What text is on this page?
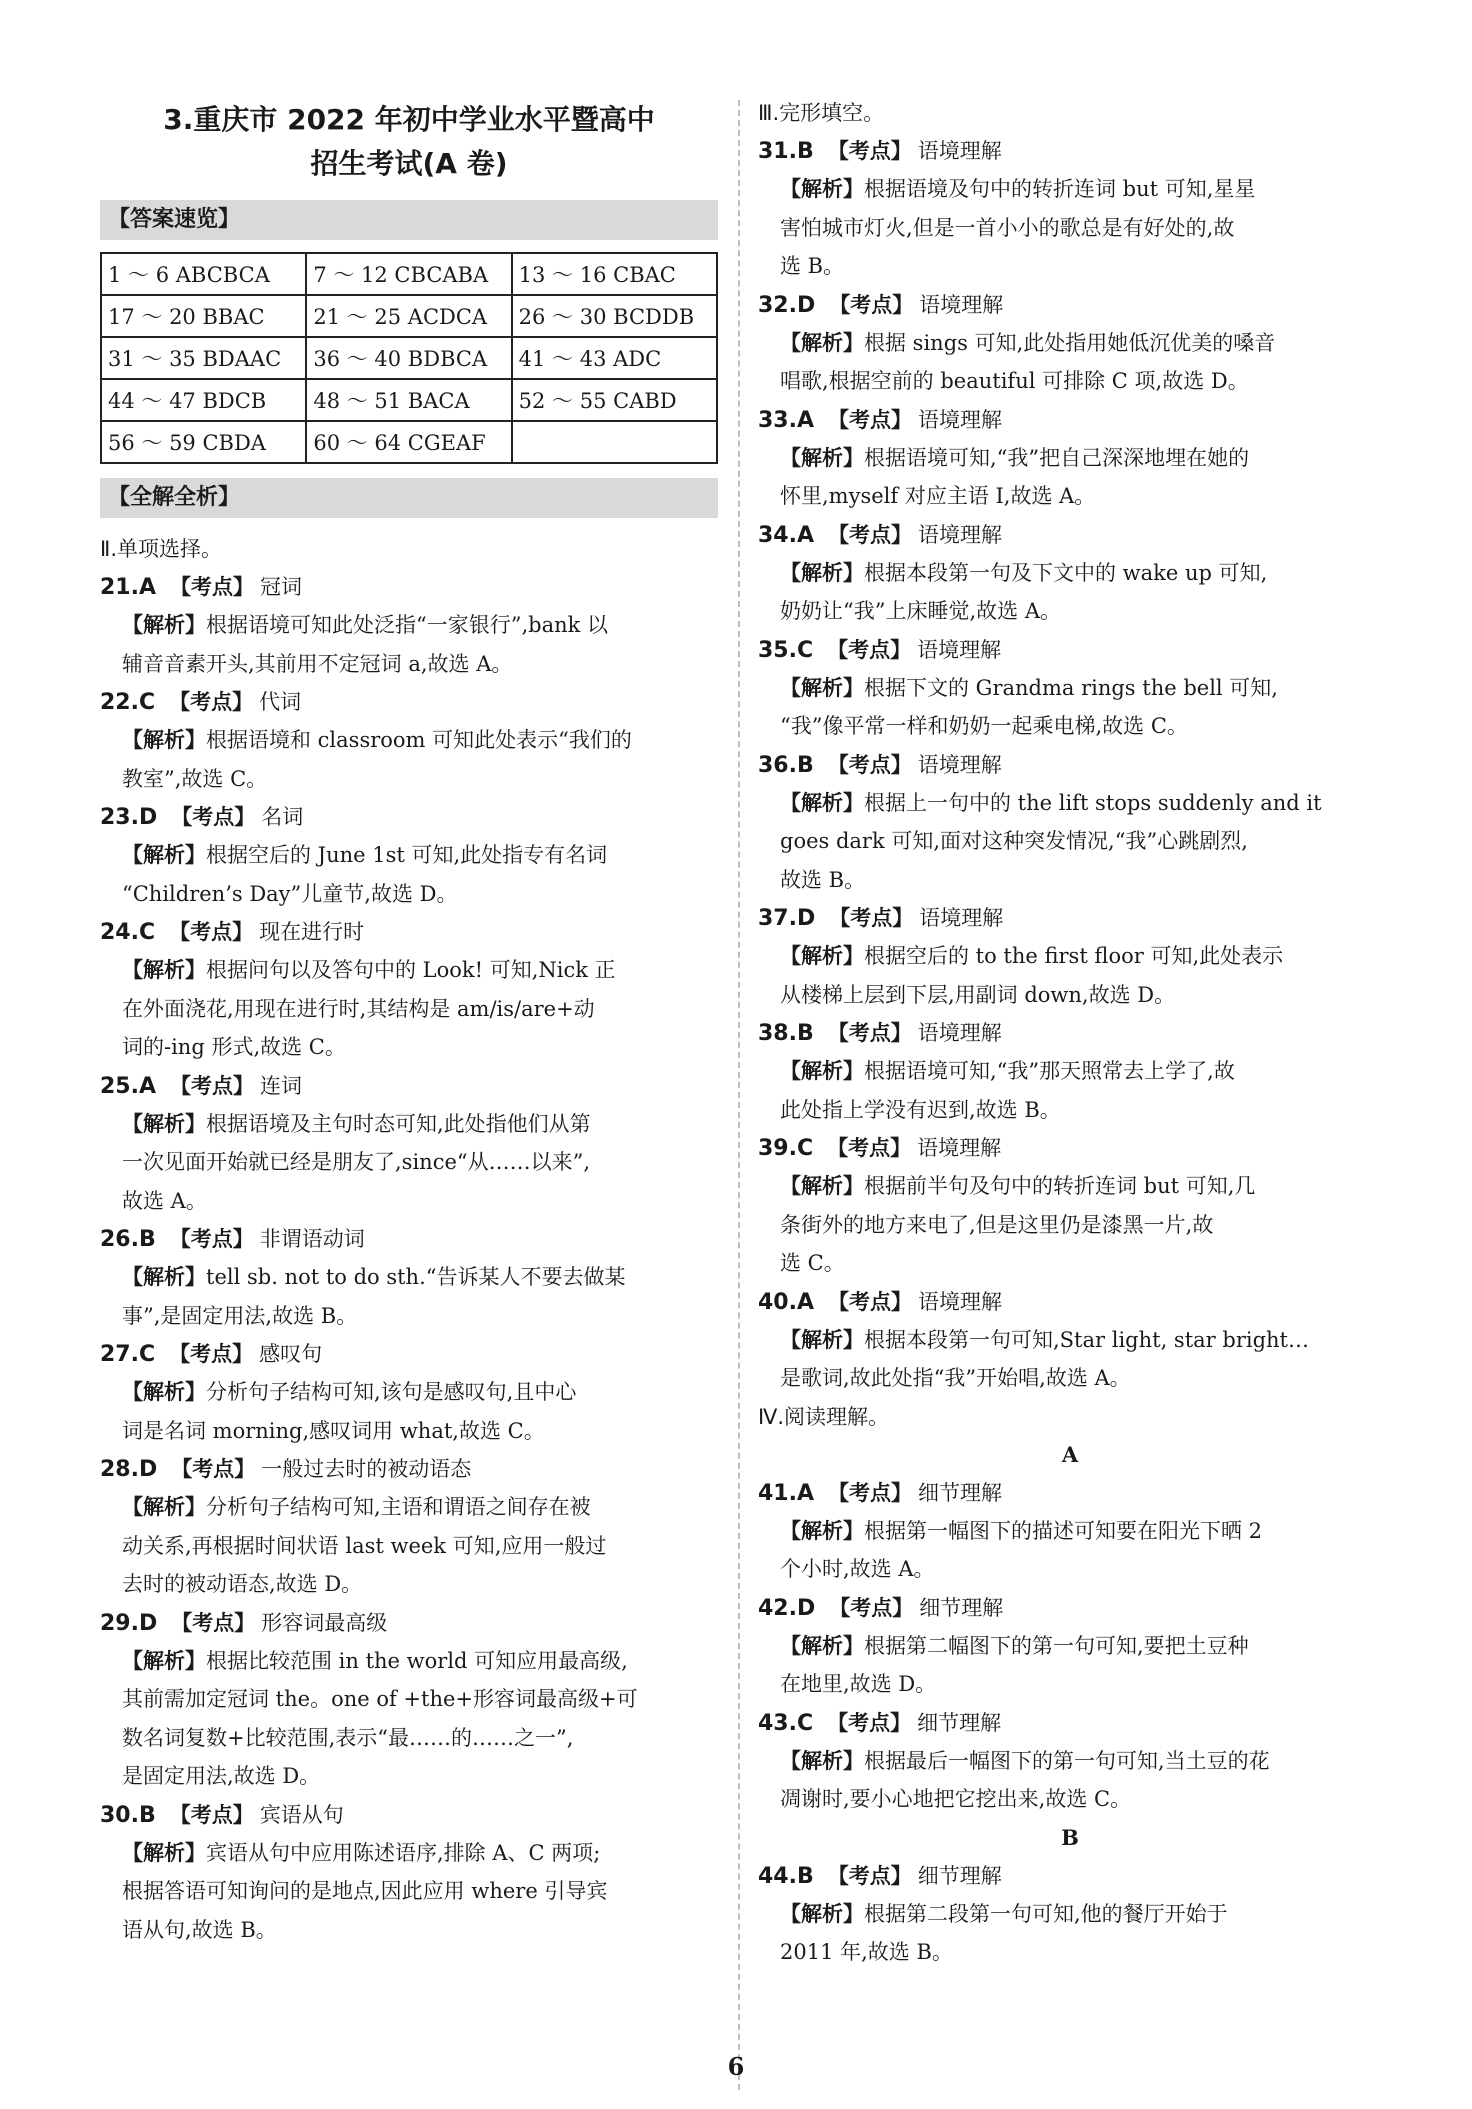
3.重庆市 2022 年初中学业水平暨高中
招生考试(A 卷)
【答案速览】
1 ～ 6 ABCBCA	7 ～ 12 CBCABA	13 ～ 16 CBAC
17 ～ 20 BBAC	21 ～ 25 ACDCA	26 ～ 30 BCDDB
31 ～ 35 BDAAC	36 ～ 40 BDBCA	41 ～ 43 ADC
44 ～ 47 BDCB	48 ～ 51 BACA	52 ～ 55 CABD
56 ～ 59 CBDA	60 ～ 64 CGEAF	
【全解全析】
Ⅱ.单项选择。
21.A 【考点】 冠词
【解析】根据语境可知此处泛指“一家银行”,bank 以
辅音音素开头,其前用不定冠词 a,故选 A。
22.C 【考点】 代词
【解析】根据语境和 classroom 可知此处表示“我们的
教室”,故选 C。
23.D 【考点】 名词
【解析】根据空后的 June 1st 可知,此处指专有名词
“Children’s Day”儿童节,故选 D。
24.C 【考点】 现在进行时
【解析】根据问句以及答句中的 Look! 可知,Nick 正
在外面浇花,用现在进行时,其结构是 am/is/are+动
词的-ing 形式,故选 C。
25.A 【考点】 连词
【解析】根据语境及主句时态可知,此处指他们从第
一次见面开始就已经是朋友了,since“从……以来”,
故选 A。
26.B 【考点】 非谓语动词
【解析】tell sb. not to do sth.“告诉某人不要去做某
事”,是固定用法,故选 B。
27.C 【考点】 感叹句
【解析】分析句子结构可知,该句是感叹句,且中心
词是名词 morning,感叹词用 what,故选 C。
28.D 【考点】 一般过去时的被动语态
【解析】分析句子结构可知,主语和谓语之间存在被
动关系,再根据时间状语 last week 可知,应用一般过
去时的被动语态,故选 D。
29.D 【考点】 形容词最高级
【解析】根据比较范围 in the world 可知应用最高级,
其前需加定冠词 the。one of +the+形容词最高级+可
数名词复数+比较范围,表示“最……的……之一”,
是固定用法,故选 D。
30.B 【考点】 宾语从句
【解析】宾语从句中应用陈述语序,排除 A、C 两项;
根据答语可知询问的是地点,因此应用 where 引导宾
语从句,故选 B。
Ⅲ.完形填空。
31.B 【考点】 语境理解
【解析】根据语境及句中的转折连词 but 可知,星星
害怕城市灯火,但是一首小小的歌总是有好处的,故
选 B。
32.D 【考点】 语境理解
【解析】根据 sings 可知,此处指用她低沉优美的嗓音
唱歌,根据空前的 beautiful 可排除 C 项,故选 D。
33.A 【考点】 语境理解
【解析】根据语境可知,“我”把自己深深地埋在她的
怀里,myself 对应主语 I,故选 A。
34.A 【考点】 语境理解
【解析】根据本段第一句及下文中的 wake up 可知,
奶奶让“我”上床睡觉,故选 A。
35.C 【考点】 语境理解
【解析】根据下文的 Grandma rings the bell 可知,
“我”像平常一样和奶奶一起乘电梯,故选 C。
36.B 【考点】 语境理解
【解析】根据上一句中的 the lift stops suddenly and it
goes dark 可知,面对这种突发情况,“我”心跳剧烈,
故选 B。
37.D 【考点】 语境理解
【解析】根据空后的 to the first floor 可知,此处表示
从楼梯上层到下层,用副词 down,故选 D。
38.B 【考点】 语境理解
【解析】根据语境可知,“我”那天照常去上学了,故
此处指上学没有迟到,故选 B。
39.C 【考点】 语境理解
【解析】根据前半句及句中的转折连词 but 可知,几
条街外的地方来电了,但是这里仍是漆黑一片,故
选 C。
40.A 【考点】 语境理解
【解析】根据本段第一句可知,Star light, star bright…
是歌词,故此处指“我”开始唱,故选 A。
Ⅳ.阅读理解。
A
41.A 【考点】 细节理解
【解析】根据第一幅图下的描述可知要在阳光下晒 2
个小时,故选 A。
42.D 【考点】 细节理解
【解析】根据第二幅图下的第一句可知,要把土豆种
在地里,故选 D。
43.C 【考点】 细节理解
【解析】根据最后一幅图下的第一句可知,当土豆的花
凋谢时,要小心地把它挖出来,故选 C。
B
44.B 【考点】 细节理解
【解析】根据第二段第一句可知,他的餐厅开始于
2011 年,故选 B。
6
